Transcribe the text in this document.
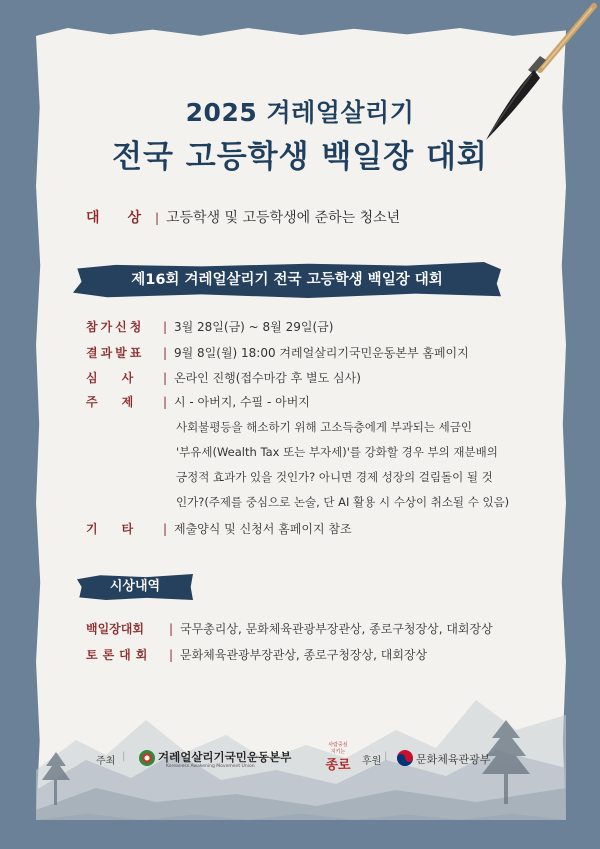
2025 겨레얼살리기
전국 고등학생 백일장 대회
대　　상 | 고등학생 및 고등학생에 준하는 청소년
제16회 겨레얼살리기 전국 고등학생 백일장 대회
참가신청 | 3월 28일(금) ~ 8월 29일(금)
결과발표 | 9월 8일(월) 18:00 겨레얼살리기국민운동본부 홈페이지
심　　사 | 온라인 진행(접수마감 후 별도 심사)
주　　제 | 시 - 아버지, 수필 - 아버지
사회불평등을 해소하기 위해 고소득층에게 부과되는 세금인
'부유세(Wealth Tax 또는 부자세)'를 강화할 경우 부의 재분배의
긍정적 효과가 있을 것인가? 아니면 경제 성장의 걸림돌이 될 것
인가?(주제를 중심으로 논술, 단 AI 활용 시 수상이 취소될 수 있음)
기　　타 | 제출양식 및 신청서 홈페이지 참조
시상내역
백일장대회 | 국무총리상, 문화체육관광부장관상, 종로구청장상, 대회장상
토론대회 | 문화체육관광부장관상, 종로구청장상, 대회장상
주최 |	겨레얼살리기국민운동본부
Koreaness Awakening Movement Union
사람중심
지키는
종로	후원 |	문화체육관광부
